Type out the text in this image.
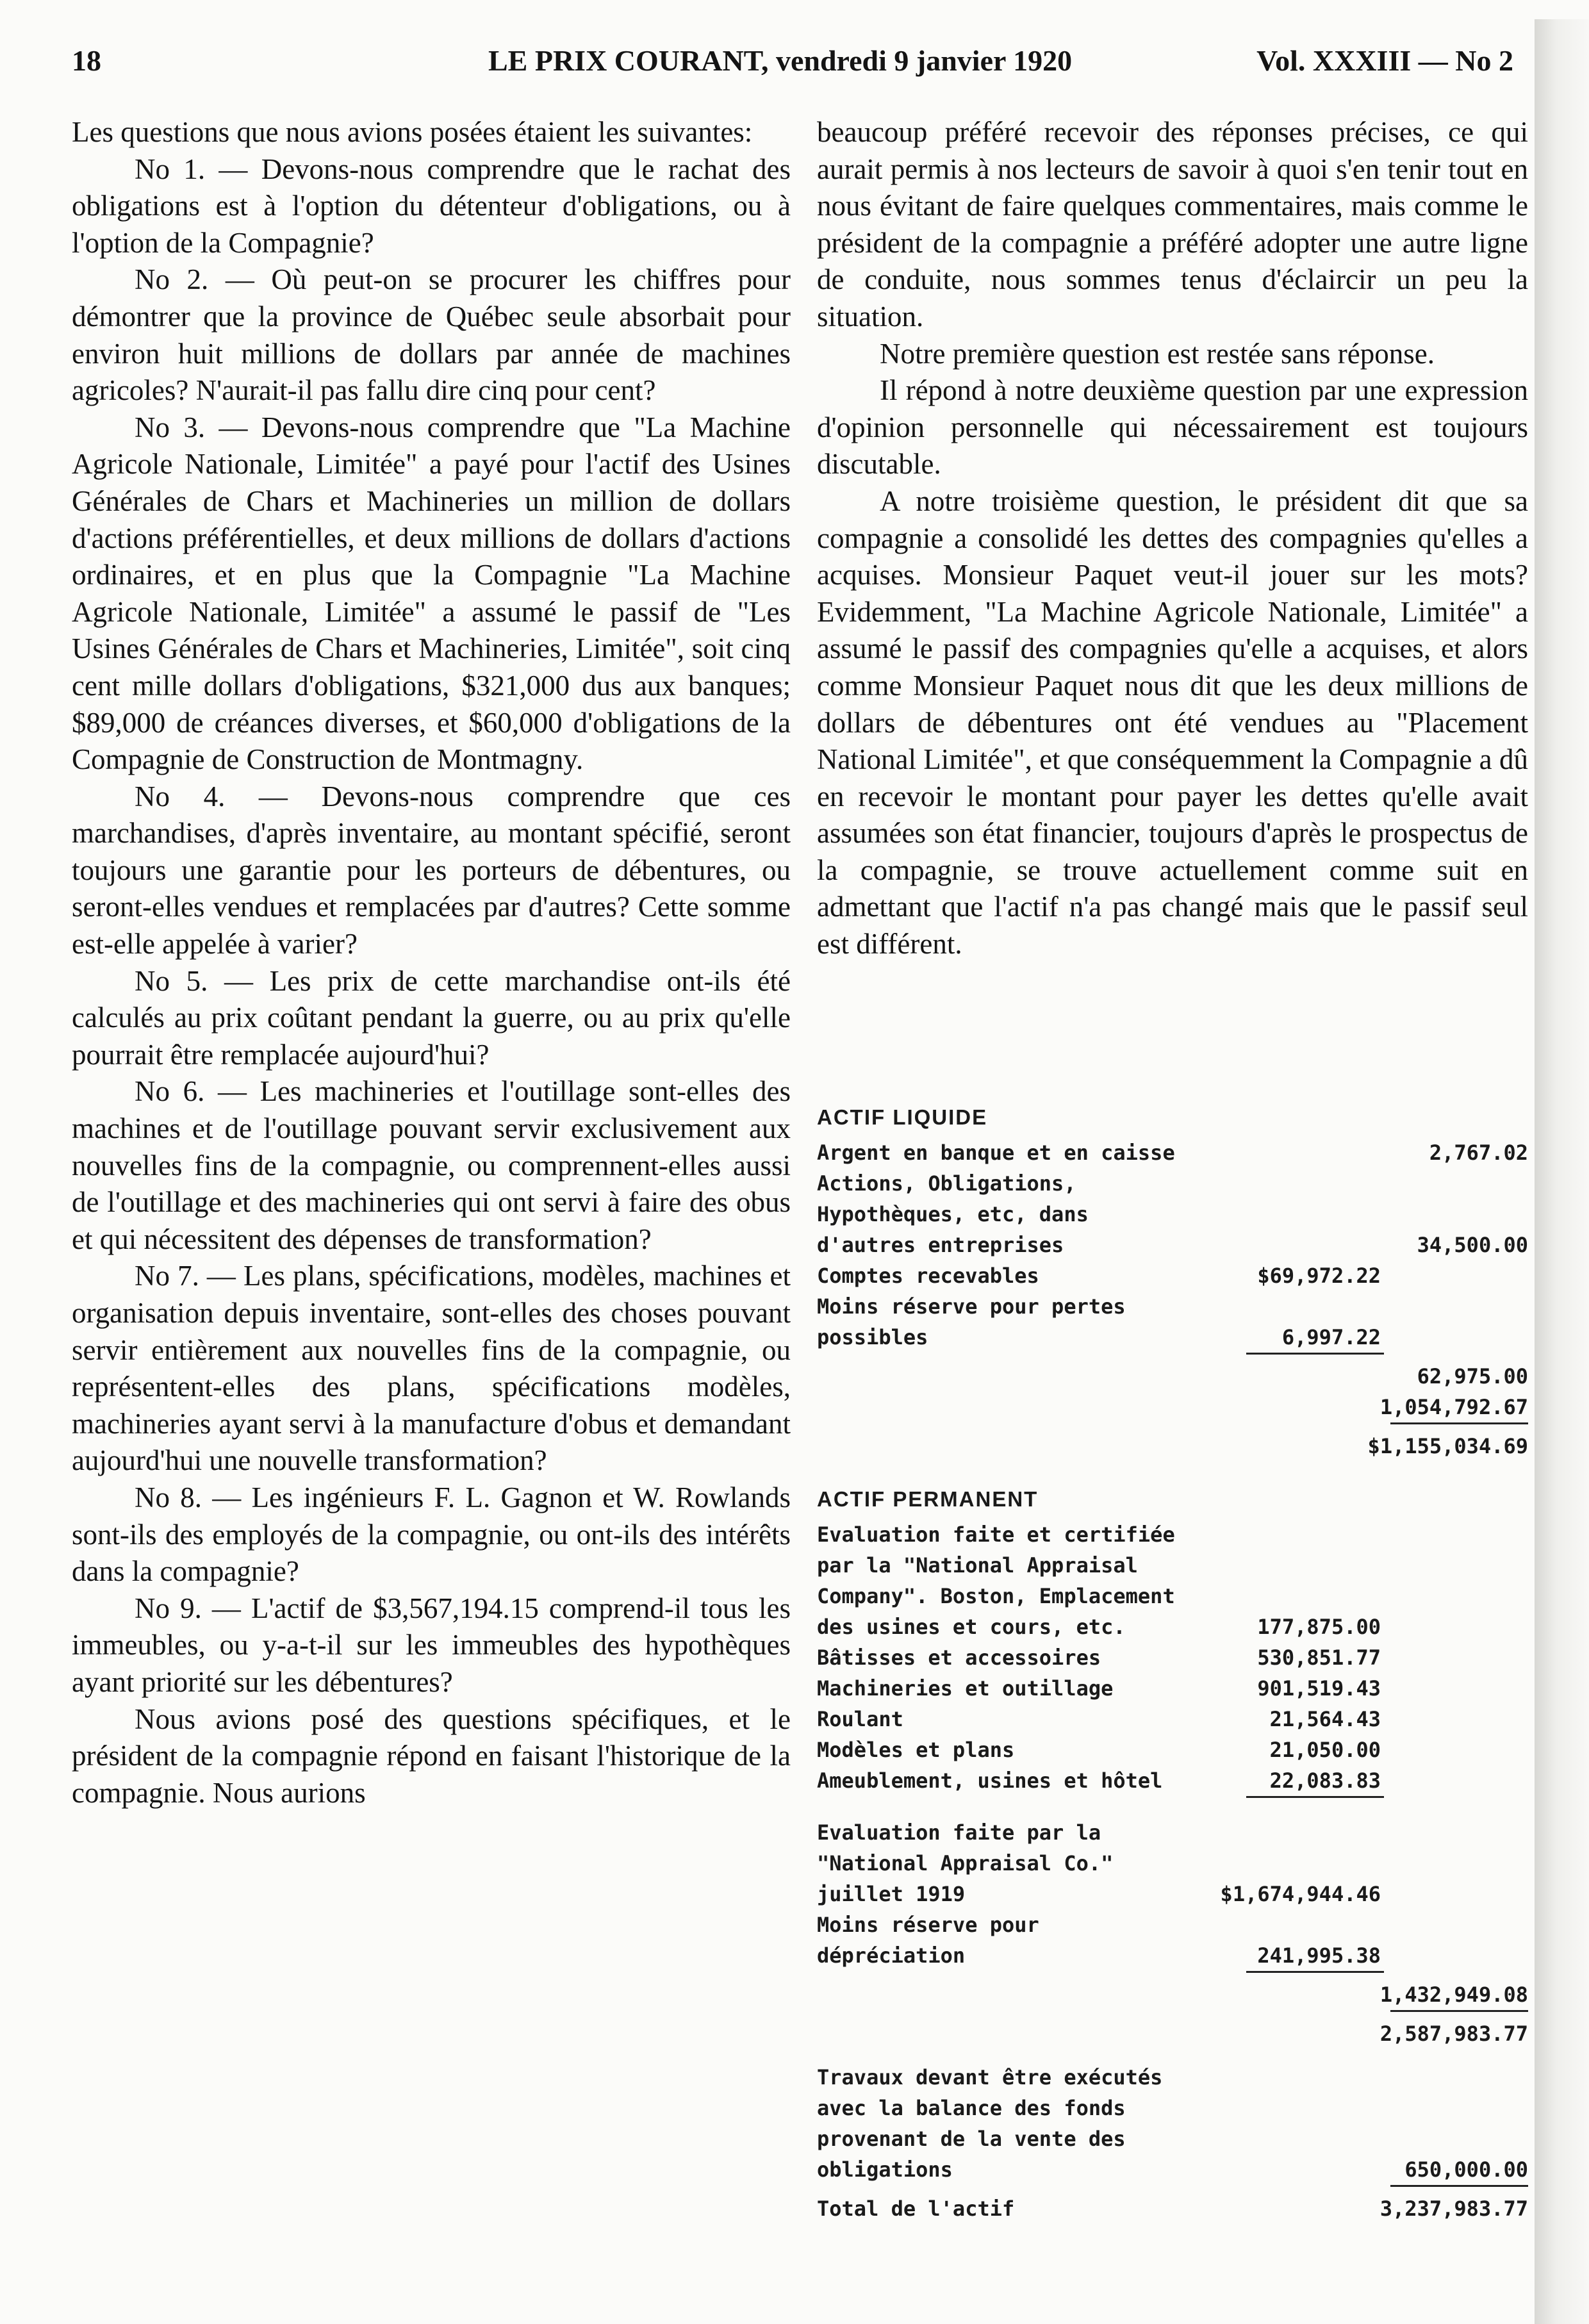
18	LE PRIX COURANT, vendredi 9 janvier 1920	Vol. XXXIII — No 2

Les questions que nous avions posées étaient les suivantes:

No 1. — Devons-nous comprendre que le rachat des obligations est à l'option du détenteur d'obligations, ou à l'option de la Compagnie?

No 2. — Où peut-on se procurer les chiffres pour démontrer que la province de Québec seule absorbait pour environ huit millions de dollars par année de machines agricoles? N'aurait-il pas fallu dire cinq pour cent?

No 3. — Devons-nous comprendre que "La Machine Agricole Nationale, Limitée" a payé pour l'actif des Usines Générales de Chars et Machineries un million de dollars d'actions préférentielles, et deux millions de dollars d'actions ordinaires, et en plus que la Compagnie "La Machine Agricole Nationale, Limitée" a assumé le passif de "Les Usines Générales de Chars et Machineries, Limitée", soit cinq cent mille dollars d'obligations, $321,000 dus aux banques; $89,000 de créances diverses, et $60,000 d'obligations de la Compagnie de Construction de Montmagny.

No 4. — Devons-nous comprendre que ces marchandises, d'après inventaire, au montant spécifié, seront toujours une garantie pour les porteurs de débentures, ou seront-elles vendues et remplacées par d'autres? Cette somme est-elle appelée à varier?

No 5. — Les prix de cette marchandise ont-ils été calculés au prix coûtant pendant la guerre, ou au prix qu'elle pourrait être remplacée aujourd'hui?

No 6. — Les machineries et l'outillage sont-elles des machines et de l'outillage pouvant servir exclusivement aux nouvelles fins de la compagnie, ou comprennent-elles aussi de l'outillage et des machineries qui ont servi à faire des obus et qui nécessitent des dépenses de transformation?

No 7. — Les plans, spécifications, modèles, machines et organisation depuis inventaire, sont-elles des choses pouvant servir entièrement aux nouvelles fins de la compagnie, ou représentent-elles des plans, spécifications modèles, machineries ayant servi à la manufacture d'obus et demandant aujourd'hui une nouvelle transformation?

No 8. — Les ingénieurs F. L. Gagnon et W. Rowlands sont-ils des employés de la compagnie, ou ont-ils des intérêts dans la compagnie?

No 9. — L'actif de $3,567,194.15 comprend-il tous les immeubles, ou y-a-t-il sur les immeubles des hypothèques ayant priorité sur les débentures?

Nous avions posé des questions spécifiques, et le président de la compagnie répond en faisant l'historique de la compagnie. Nous aurions

beaucoup préféré recevoir des réponses précises, ce qui aurait permis à nos lecteurs de savoir à quoi s'en tenir tout en nous évitant de faire quelques commentaires, mais comme le président de la compagnie a préféré adopter une autre ligne de conduite, nous sommes tenus d'éclaircir un peu la situation.

Notre première question est restée sans réponse.

Il répond à notre deuxième question par une expression d'opinion personnelle qui nécessairement est toujours discutable.

A notre troisième question, le président dit que sa compagnie a consolidé les dettes des compagnies qu'elles a acquises. Monsieur Paquet veut-il jouer sur les mots? Evidemment, "La Machine Agricole Nationale, Limitée" a assumé le passif des compagnies qu'elle a acquises, et alors comme Monsieur Paquet nous dit que les deux millions de dollars de débentures ont été vendues au "Placement National Limitée", et que conséquemment la Compagnie a dû en recevoir le montant pour payer les dettes qu'elle avait assumées son état financier, toujours d'après le prospectus de la compagnie, se trouve actuellement comme suit en admettant que l'actif n'a pas changé mais que le passif seul est différent.

ACTIF LIQUIDE
Argent en banque et en caisse	2,767.02
Actions, Obligations, Hypothèques, etc, dans d'autres entreprises	34,500.00
Comptes recevables	$69,972.22
Moins réserve pour pertes possibles	6,997.22
62,975.00
1,054,792.67
$1,155,034.69
ACTIF PERMANENT
Evaluation faite et certifiée par la "National Appraisal Company". Boston, Emplacement des usines et cours, etc.	177,875.00
Bâtisses et accessoires	530,851.77
Machineries et outillage	901,519.43
Roulant	21,564.43
Modèles et plans	21,050.00
Ameublement, usines et hôtel	22,083.83
Evaluation faite par la "National Appraisal Co." juillet 1919	$1,674,944.46
Moins réserve pour dépréciation	241,995.38
1,432,949.08
2,587,983.77
Travaux devant être exécutés avec la balance des fonds provenant de la vente des obligations	650,000.00
Total de l'actif	3,237,983.77
